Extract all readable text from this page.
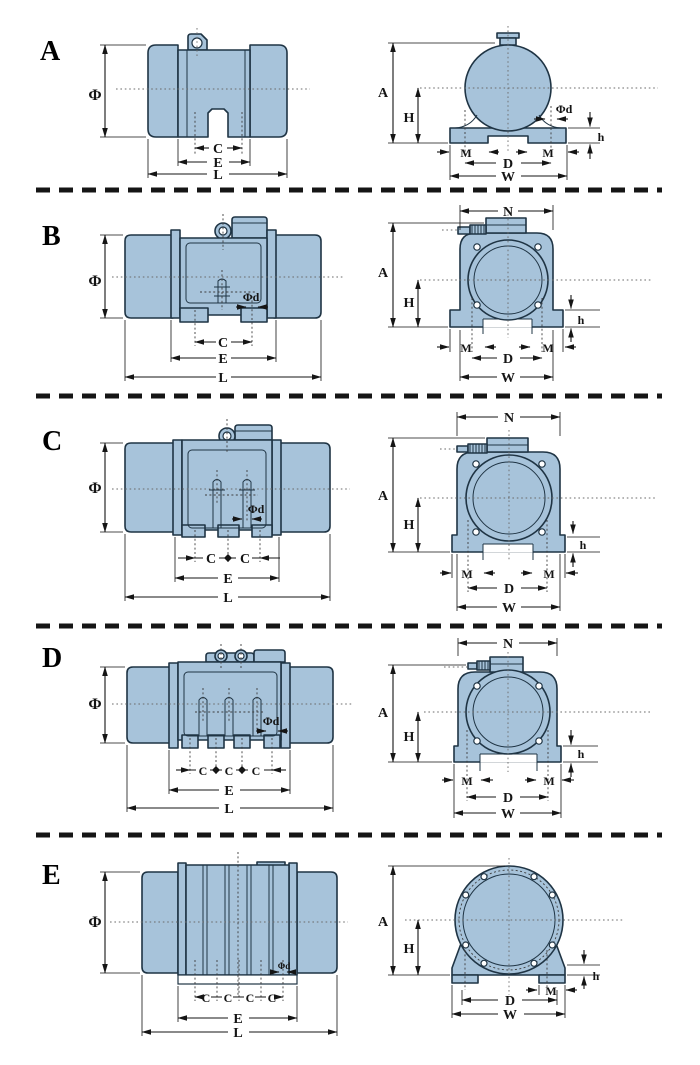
A
Φ
C
E
L
A
H
Φd
h
M	M
D
W
B
Φ
Φd
C
E
L
N
A
H
h
M	M
D
W
C
Φ
Φd
C C
E
L
N
A
H
h
M	M
D
W
D
Φ
Φd
C C C
E
L
N
A
H
h
M	M
D
W
E
Φ
Φd
C C C C
E
L
A
H
h
M
D
W
